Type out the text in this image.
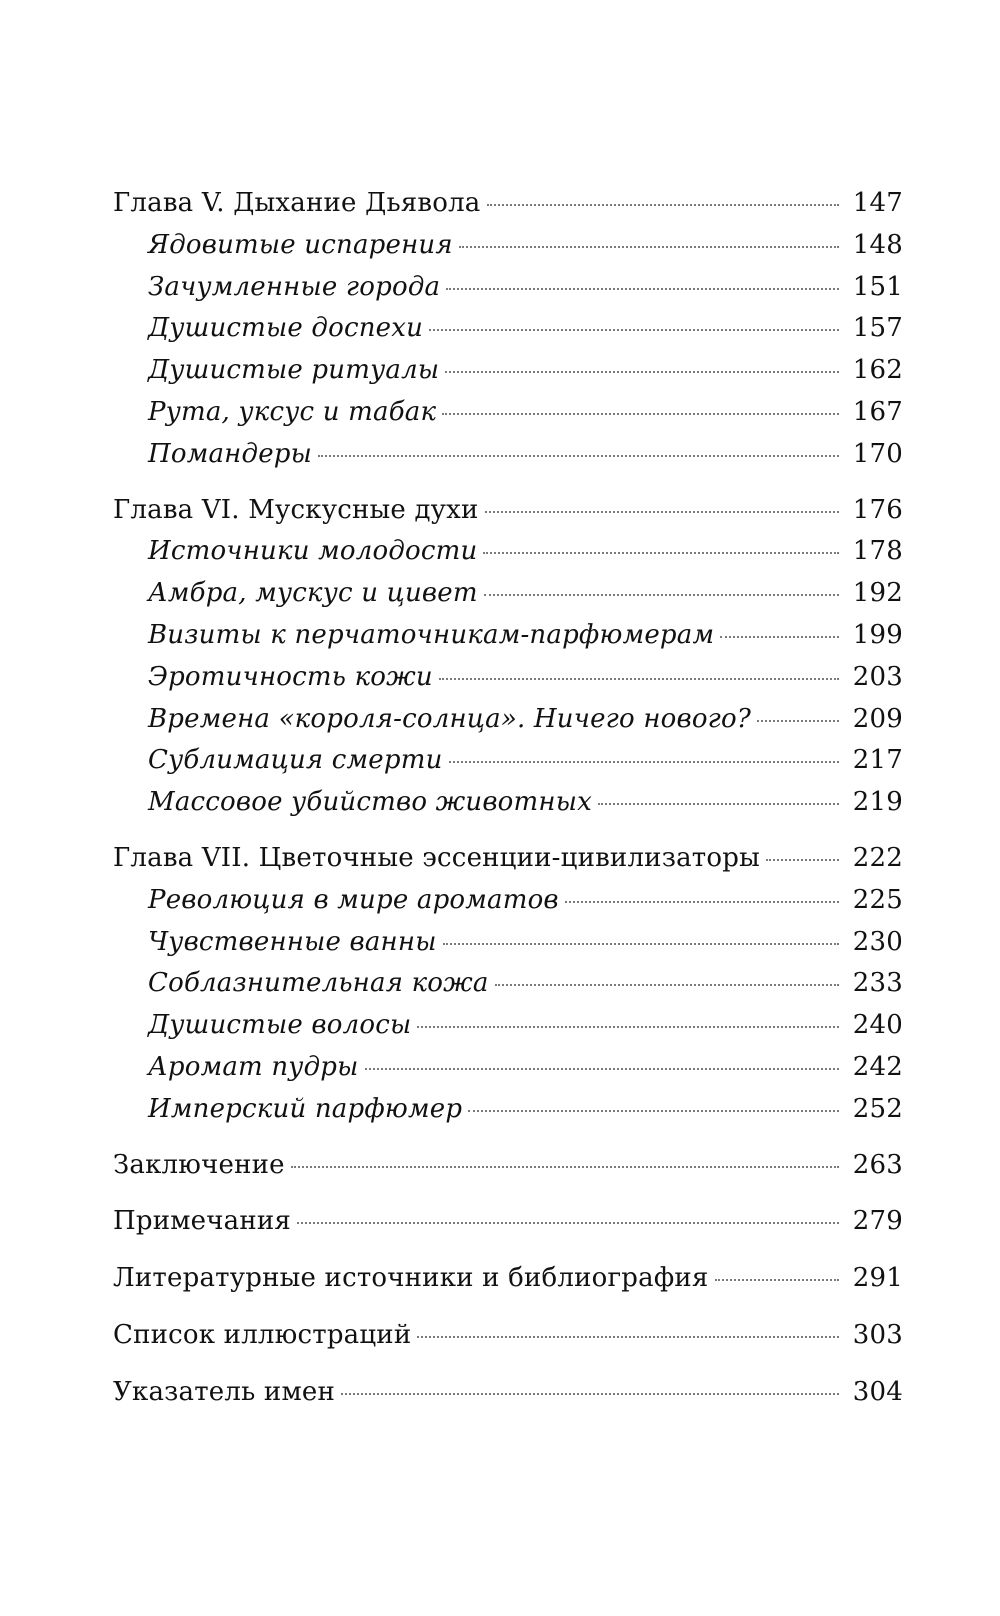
Глава V. Дыхание Дьявола	147
Ядовитые испарения	148
Зачумленные города	151
Душистые доспехи	157
Душистые ритуалы	162
Рута, уксус и табак	167
Помандеры	170
Глава VI. Мускусные духи	176
Источники молодости	178
Амбра, мускус и цивет	192
Визиты к перчаточникам-парфюмерам	199
Эротичность кожи	203
Времена «короля-солнца». Ничего нового?	209
Сублимация смерти	217
Массовое убийство животных	219
Глава VII. Цветочные эссенции-цивилизаторы	222
Революция в мире ароматов	225
Чувственные ванны	230
Соблазнительная кожа	233
Душистые волосы	240
Аромат пудры	242
Имперский парфюмер	252
Заключение	263
Примечания	279
Литературные источники и библиография	291
Список иллюстраций	303
Указатель имен	304
